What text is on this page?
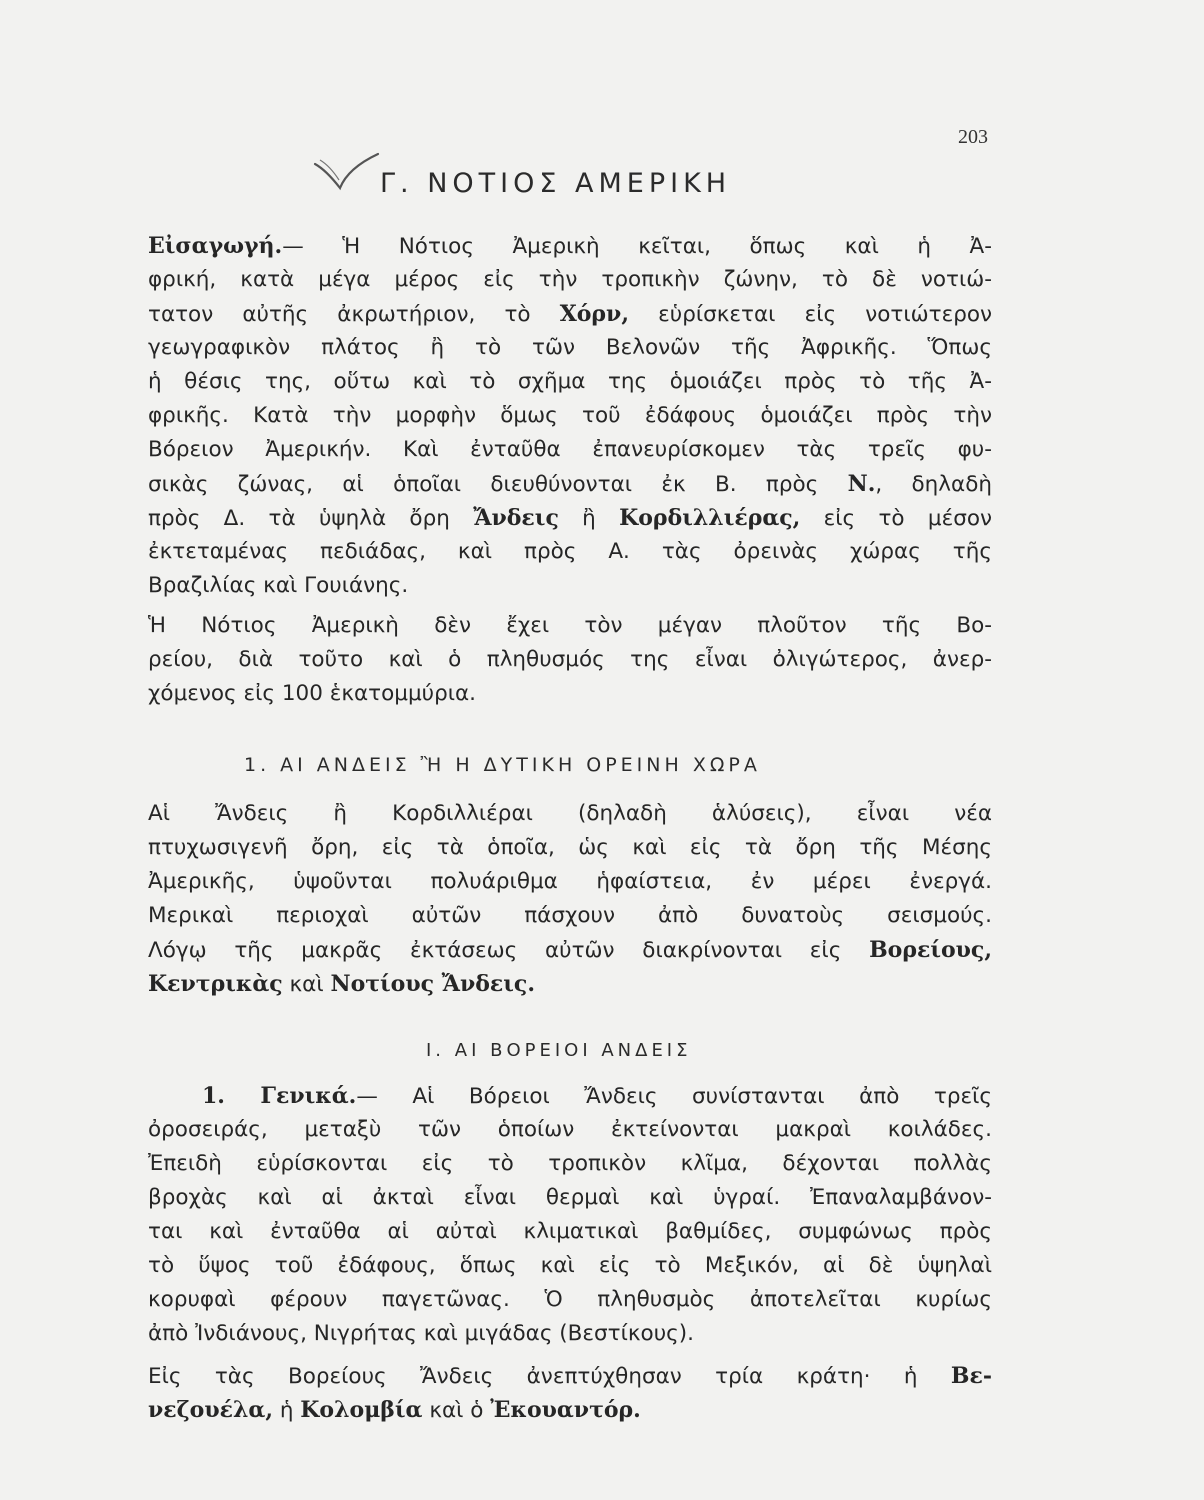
203
Γ. ΝΟΤΙΟΣ ΑΜΕΡΙΚΗ
Εἰσαγωγή.— Ἡ Νότιος Ἀμερικὴ κεῖται, ὅπως καὶ ἡ Ἀ-
φρική, κατὰ μέγα μέρος εἰς τὴν τροπικὴν ζώνην, τὸ δὲ νοτιώ-
τατον αὐτῆς ἀκρωτήριον, τὸ Χόρν, εὑρίσκεται εἰς νοτιώτερον
γεωγραφικὸν πλάτος ἢ τὸ τῶν Βελονῶν τῆς Ἀφρικῆς. Ὅπως
ἡ θέσις της, οὕτω καὶ τὸ σχῆμα της ὁμοιάζει πρὸς τὸ τῆς Ἀ-
φρικῆς. Κατὰ τὴν μορφὴν ὅμως τοῦ ἐδάφους ὁμοιάζει πρὸς τὴν
Βόρειον Ἀμερικήν. Καὶ ἐνταῦθα ἐπανευρίσκομεν τὰς τρεῖς φυ-
σικὰς ζώνας, αἱ ὁποῖαι διευθύνονται ἐκ Β. πρὸς Ν., δηλαδὴ
πρὸς Δ. τὰ ὑψηλὰ ὄρη Ἄνδεις ἢ Κορδιλλιέρας, εἰς τὸ μέσον
ἐκτεταμένας πεδιάδας, καὶ πρὸς Α. τὰς ὀρεινὰς χώρας τῆς
Βραζιλίας καὶ Γουιάνης.
Ἡ Νότιος Ἀμερικὴ δὲν ἔχει τὸν μέγαν πλοῦτον τῆς Βο-
ρείου, διὰ τοῦτο καὶ ὁ πληθυσμός της εἶναι ὀλιγώτερος, ἀνερ-
χόμενος εἰς 100 ἑκατομμύρια.
1. ΑΙ ΑΝΔΕΙΣ Ἢ Η ΔΥΤΙΚΗ ΟΡΕΙΝΗ ΧΩΡΑ
Αἱ Ἄνδεις ἢ Κορδιλλιέραι (δηλαδὴ ἁλύσεις), εἶναι νέα
πτυχωσιγενῆ ὄρη, εἰς τὰ ὁποῖα, ὡς καὶ εἰς τὰ ὄρη τῆς Μέσης
Ἀμερικῆς, ὑψοῦνται πολυάριθμα ἡφαίστεια, ἐν μέρει ἐνεργά.
Μερικαὶ περιοχαὶ αὐτῶν πάσχουν ἀπὸ δυνατοὺς σεισμούς.
Λόγῳ τῆς μακρᾶς ἐκτάσεως αὐτῶν διακρίνονται εἰς Βορείους,
Κεντρικὰς καὶ Νοτίους Ἄνδεις.
Ι. ΑΙ ΒΟΡΕΙΟΙ ΑΝΔΕΙΣ
1. Γενικά.— Αἱ Βόρειοι Ἄνδεις συνίστανται ἀπὸ τρεῖς
ὀροσειράς, μεταξὺ τῶν ὁποίων ἐκτείνονται μακραὶ κοιλάδες.
Ἐπειδὴ εὑρίσκονται εἰς τὸ τροπικὸν κλῖμα, δέχονται πολλὰς
βροχὰς καὶ αἱ ἀκταὶ εἶναι θερμαὶ καὶ ὑγραί. Ἐπαναλαμβάνον-
ται καὶ ἐνταῦθα αἱ αὐταὶ κλιματικαὶ βαθμίδες, συμφώνως πρὸς
τὸ ὕψος τοῦ ἐδάφους, ὅπως καὶ εἰς τὸ Μεξικόν, αἱ δὲ ὑψηλαὶ
κορυφαὶ φέρουν παγετῶνας. Ὁ πληθυσμὸς ἀποτελεῖται κυρίως
ἀπὸ Ἰνδιάνους, Νιγρήτας καὶ μιγάδας (Βεστίκους).
Εἰς τὰς Βορείους Ἄνδεις ἀνεπτύχθησαν τρία κράτη· ἡ Βε-
νεζουέλα, ἡ Κολομβία καὶ ὁ Ἐκουαντόρ.
